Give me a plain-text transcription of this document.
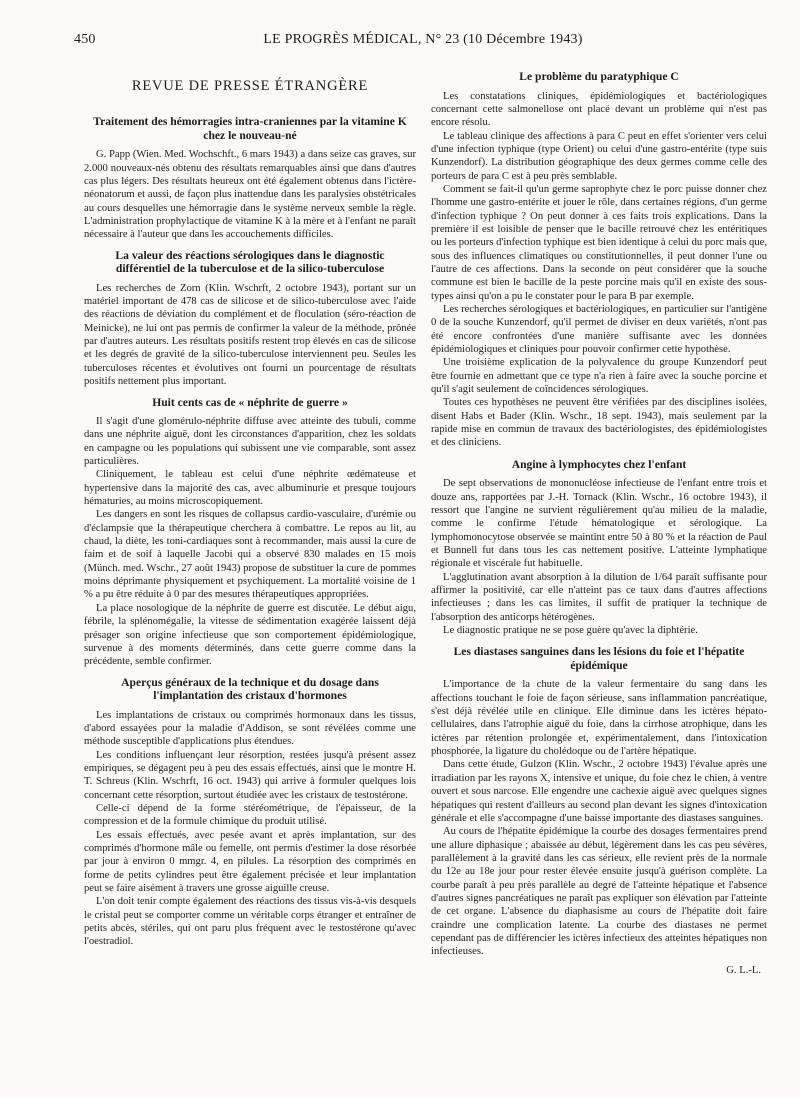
450	LE PROGRÈS MÉDICAL, N° 23 (10 Décembre 1943)
REVUE DE PRESSE ÉTRANGÈRE
Traitement des hémorragies intra-craniennes par la vitamine K chez le nouveau-né

G. Papp (Wien. Med. Wochschft., 6 mars 1943) a dans seize cas graves, sur 2.000 nouveaux-nés obtenu des résultats remarquables ainsi que dans d'autres cas plus légers. Des résultats heureux ont été également obtenus dans l'ictère-néonatorum et aussi, de façon plus inattendue dans les paralysies obstétricales au cours desquelles une hémorragie dans le système nerveux semble la règle. L'administration prophylactique de vitamine K à la mère et à l'enfant ne paraît nécessaire à l'auteur que dans les accouchements difficiles.

La valeur des réactions sérologiques dans le diagnostic différentiel de la tuberculose et de la silico-tuberculose

Les recherches de Zorn (Klin. Wschrft, 2 octobre 1943), portant sur un matériel important de 478 cas de silicose et de silico-tuberculose avec l'aide des réactions de déviation du complément et de floculation (séro-réaction de Meinicke), ne lui ont pas permis de confirmer la valeur de la méthode, prônée par d'autres auteurs. Les résultats positifs restent trop élevés en cas de silicose et les degrés de gravité de la silico-tuberculose interviennent peu. Seules les tuberculoses récentes et évolutives ont fourni un pourcentage de résultats positifs nettement plus important.

Huit cents cas de « néphrite de guerre »

Il s'agit d'une glomérulo-néphrite diffuse avec atteinte des tubuli, comme dans une néphrite aiguë, dont les circonstances d'apparition, chez les soldats en campagne ou les populations qui subissent une vie comparable, sont assez particulières.

Cliniquement, le tableau est celui d'une néphrite œdémateuse et hypertensive dans la majorité des cas, avec albuminurie et presque toujours hématuries, au moins microscopiquement.

Les dangers en sont les risques de collapsus cardio-vasculaire, d'urémie ou d'éclampsie que la thérapeutique cherchera à combattre. Le repos au lit, au chaud, la diète, les toni-cardiaques sont à recommander, mais aussi la cure de faim et de soif à laquelle Jacobi qui a observé 830 malades en 15 mois (Münch. med. Wschr., 27 août 1943) propose de substituer la cure de pommes moins déprimante physiquement et psychiquement. La mortalité voisine de 1 % a pu être réduite à 0 par des mesures thérapeutiques appropriées.

La place nosologique de la néphrite de guerre est discutée. Le début aigu, fébrile, la splénomégalie, la vitesse de sédimentation exagérée laissent déjà présager son origine infectieuse que son comportement épidémiologique, survenue à des moments déterminés, dans cette guerre comme dans la précédente, semble confirmer.

Aperçus généraux de la technique et du dosage dans l'implantation des cristaux d'hormones

Les implantations de cristaux ou comprimés hormonaux dans les tissus, d'abord essayées pour la maladie d'Addison, se sont révélées comme une méthode susceptible d'applications plus étendues.

Les conditions influençant leur résorption, restées jusqu'à présent assez empiriques, se dégagent peu à peu des essais effectués, ainsi que le montre H. T. Schreus (Klin. Wschrft, 16 oct. 1943) qui arrive à formuler quelques lois concernant cette résorption, surtout étudiée avec les cristaux de testostérone.

Celle-ci dépend de la forme stéréométrique, de l'épaisseur, de la compression et de la formule chimique du produit utilisé.

Les essais effectués, avec pesée avant et après implantation, sur des comprimés d'hormone mâle ou femelle, ont permis d'estimer la dose résorbée par jour à environ 0 mmgr. 4, en pilules. La résorption des comprimés en forme de petits cylindres peut être également précisée et leur implantation peut se faire aisément à travers une grosse aiguille creuse.

L'on doit tenir compte également des réactions des tissus vis-à-vis desquels le cristal peut se comporter comme un véritable corps étranger et entraîner de petits abcès, stériles, qui ont paru plus fréquent avec le testostérone qu'avec l'oestradiol.

Le problème du paratyphique C

Les constatations cliniques, épidémiologiques et bactériologiques concernant cette salmonellose ont placé devant un problème qui n'est pas encore résolu.

Le tableau clinique des affections à para C peut en effet s'orienter vers celui d'une infection typhique (type Orient) ou celui d'une gastro-entérite (type suis Kunzendorf). La distribution géographique des deux germes comme celle des porteurs de para C est à peu près semblable.

Comment se fait-il qu'un germe saprophyte chez le porc puisse donner chez l'homme une gastro-entérite et jouer le rôle, dans certaines régions, d'un germe d'infection typhique ? On peut donner à ces faits trois explications. Dans la première il est loisible de penser que le bacille retrouvé chez les entéritiques ou les porteurs d'infection typhique est bien identique à celui du porc mais que, sous des influences climatiques ou constitutionnelles, il peut donner l'une ou l'autre de ces affections. Dans la seconde on peut considérer que la souche commune est bien le bacille de la peste porcine mais qu'il en existe des sous-types ainsi qu'on a pu le constater pour le para B par exemple.

Les recherches sérologiques et bactériologiques, en particulier sur l'antigène 0 de la souche Kunzendorf, qu'il permet de diviser en deux variétés, n'ont pas été encore confrontées d'une manière suffisante avec les données épidémiologiques et cliniques pour pouvoir confirmer cette hypothèse.

Une troisième explication de la polyvalence du groupe Kunzendorf peut être fournie en admettant que ce type n'a rien à faire avec la souche porcine et qu'il s'agit seulement de coïncidences sérologiques.

Toutes ces hypothèses ne peuvent être vérifiées par des disciplines isolées, disent Habs et Bader (Klin. Wschr., 18 sept. 1943), mais seulement par la rapide mise en commun de travaux des bactériologistes, des épidémiologistes et des cliniciens.

Angine à lymphocytes chez l'enfant

De sept observations de mononucléose infectieuse de l'enfant entre trois et douze ans, rapportées par J.-H. Tornack (Klin. Wschr., 16 octobre 1943), il ressort que l'angine ne survient régulièrement qu'au milieu de la maladie, comme le confirme l'étude hématologique et sérologique. La lymphomonocytose observée se maintint entre 50 à 80 % et la réaction de Paul et Bunnell fut dans tous les cas nettement positive. L'atteinte lymphatique régionale et viscérale fut habituelle.

L'agglutination avant absorption à la dilution de 1/64 paraît suffisante pour affirmer la positivité, car elle n'atteint pas ce taux dans d'autres affections infectieuses ; dans les cas limites, il suffit de pratiquer la technique de l'absorption des anticorps hétérogènes.

Le diagnostic pratique ne se pose guère qu'avec la diphtérie.

Les diastases sanguines dans les lésions du foie et l'hépatite épidémique

L'importance de la chute de la valeur fermentaire du sang dans les affections touchant le foie de façon sérieuse, sans inflammation pancréatique, s'est déjà révélée utile en clinique. Elle diminue dans les ictères hépato-cellulaires, dans l'atrophie aiguë du foie, dans la cirrhose atrophique, dans les ictères par rétention prolongée et, expérimentalement, dans l'intoxication phosphorée, la ligature du cholédoque ou de l'artère hépatique.

Dans cette étude, Gulzon (Klin. Wschr., 2 octobre 1943) l'évalue après une irradiation par les rayons X, intensive et unique, du foie chez le chien, à ventre ouvert et sous narcose. Elle engendre une cachexie aiguë avec quelques signes hépatiques qui restent d'ailleurs au second plan devant les signes d'intoxication générale et elle s'accompagne d'une baisse importante des diastases sanguines.

Au cours de l'hépatite épidémique la courbe des dosages fermentaires prend une allure diphasique ; abaissée au début, légèrement dans les cas peu sévères, parallèlement à la gravité dans les cas sérieux, elle revient près de la normale du 12e au 18e jour pour rester élevée ensuite jusqu'à guérison complète. La courbe paraît à peu près parallèle au degré de l'atteinte hépatique et l'absence d'autres signes pancréatiques ne paraît pas expliquer son élévation par l'atteinte de cet organe. L'absence du diaphasisme au cours de l'hépatite doit faire craindre une complication latente. La courbe des diastases ne permet cependant pas de différencier les ictères infectieux des atteintes hépatiques non infectieuses.

G. L.-L.
